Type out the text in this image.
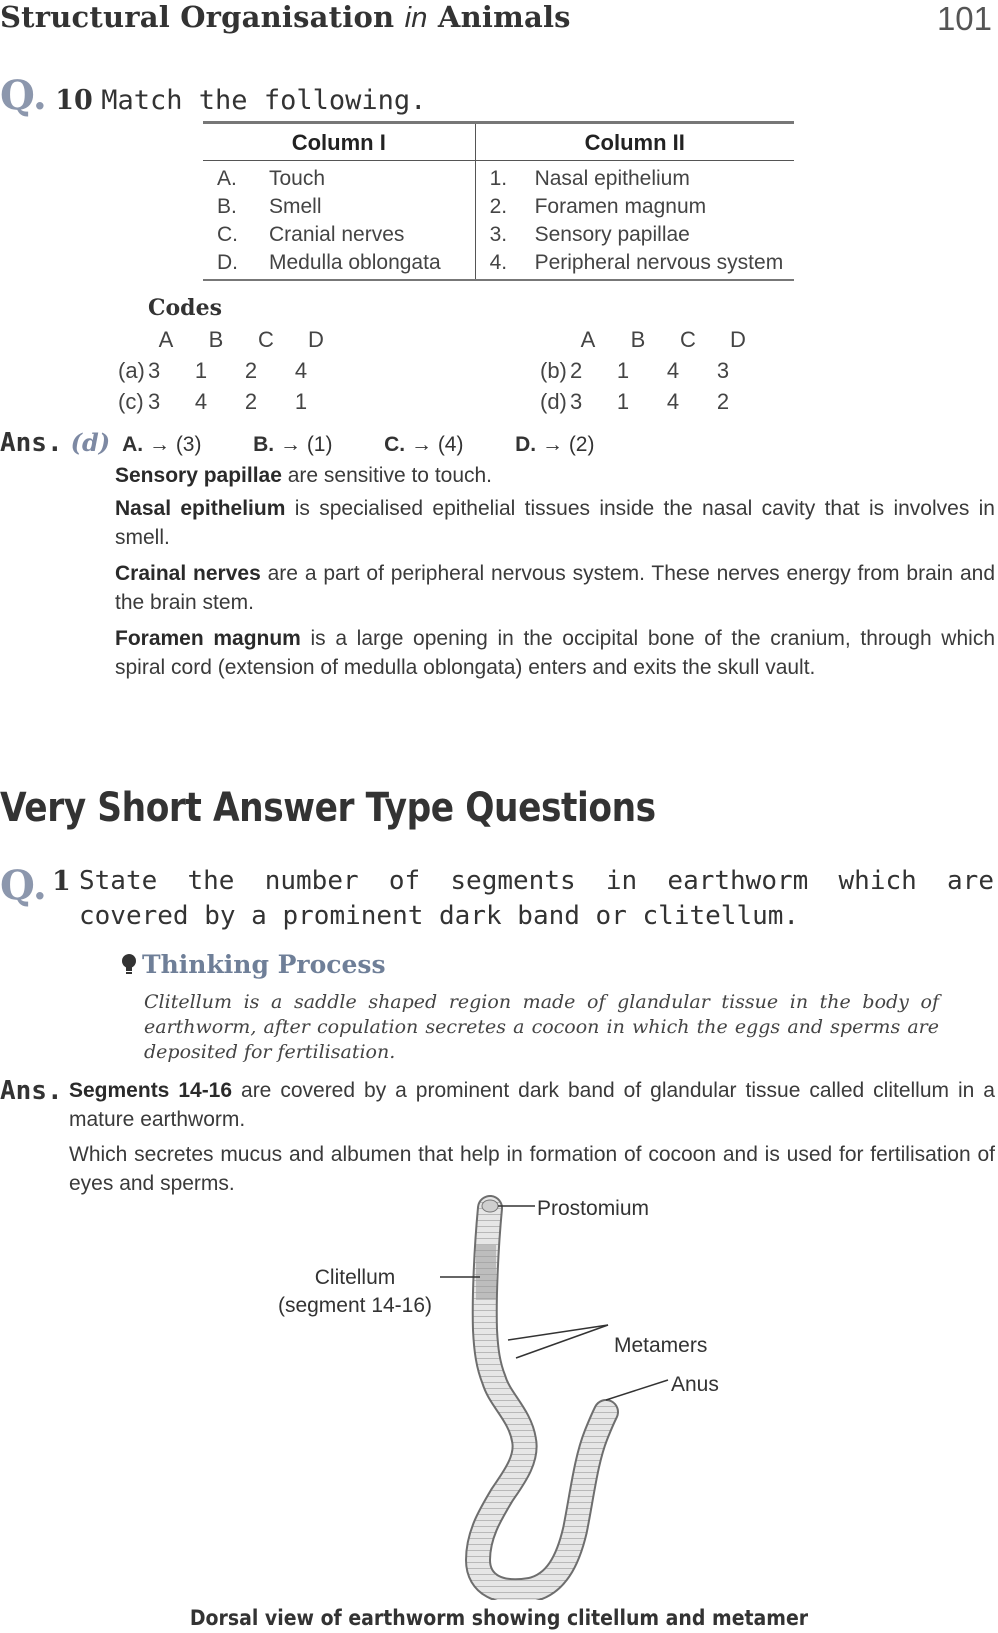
Structural Organisation in Animals	101
Q. 10 Match the following.
Column I		Column II	
A.	Touch	1.	Nasal epithelium
B.	Smell	2.	Foramen magnum
C.	Cranial nerves	3.	Sensory papillae
D.	Medulla oblongata	4.	Peripheral nervous system
Codes
A	B	C	D	A	B	C	D
(a) 3	1	2	4	(b) 2	1	4	3
(c) 3	4	2	1	(d) 3	1	4	2
Ans. (d) A. → (3)	B. → (1)	C. → (4)	D. → (2)
Sensory papillae are sensitive to touch.
Nasal epithelium is specialised epithelial tissues inside the nasal cavity that is involves in smell.
Crainal nerves are a part of peripheral nervous system. These nerves energy from brain and the brain stem.
Foramen magnum is a large opening in the occipital bone of the cranium, through which spiral cord (extension of medulla oblongata) enters and exits the skull vault.
Very Short Answer Type Questions
Q. 1 State the number of segments in earthworm which are covered by a prominent dark band or clitellum.
Thinking Process
Clitellum is a saddle shaped region made of glandular tissue in the body of earthworm, after copulation secretes a cocoon in which the eggs and sperms are deposited for fertilisation.
Ans. Segments 14-16 are covered by a prominent dark band of glandular tissue called clitellum in a mature earthworm.
Which secretes mucus and albumen that help in formation of cocoon and is used for fertilisation of eyes and sperms.
Prostomium
Clitellum
(segment 14-16)
Metamers
Anus
Dorsal view of earthworm showing clitellum and metamer
